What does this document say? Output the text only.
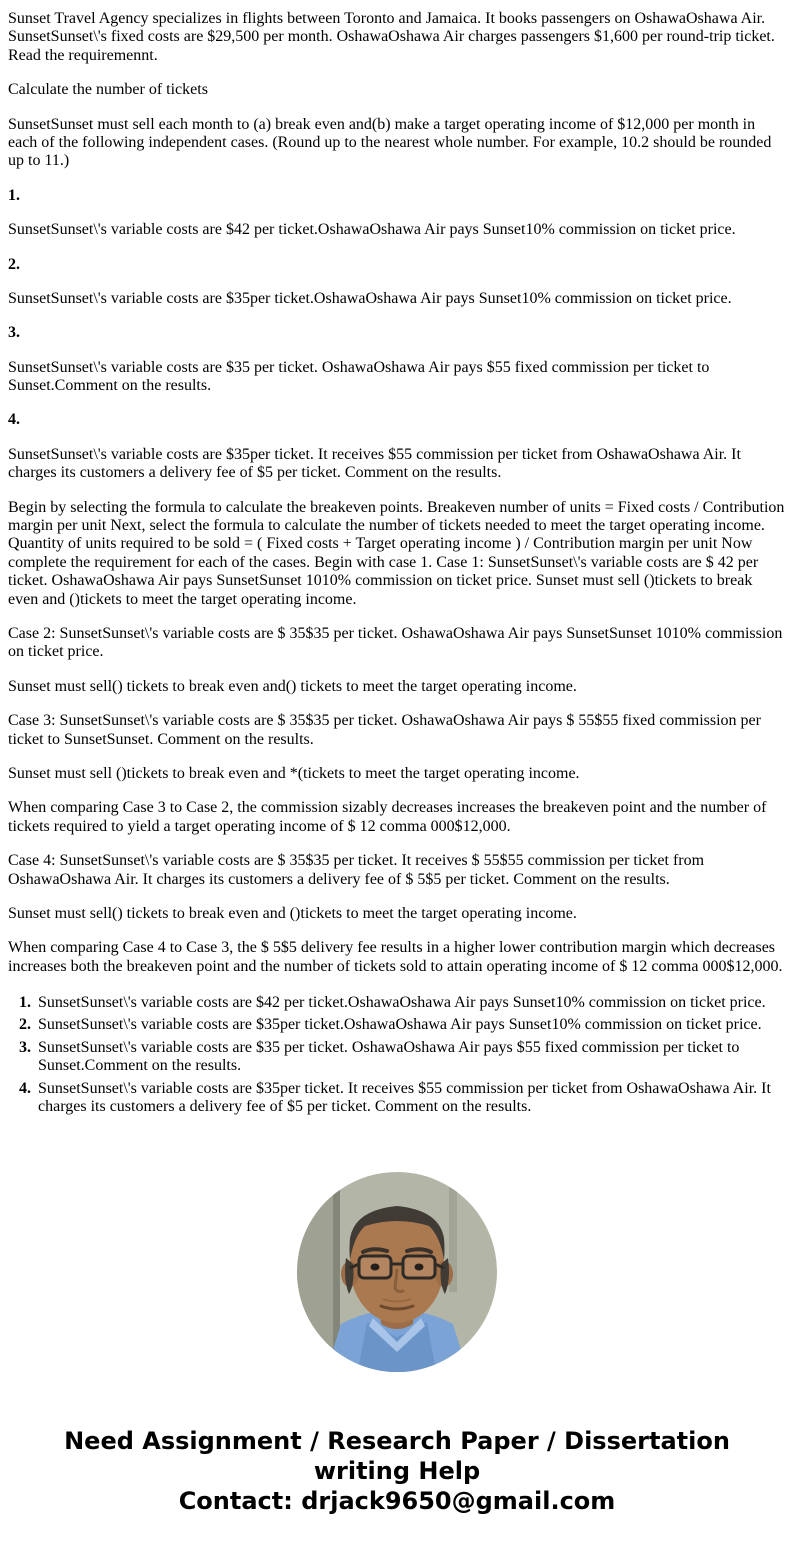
Sunset Travel Agency specializes in flights between Toronto and Jamaica. It books passengers on OshawaOshawa Air. SunsetSunset\'s fixed costs are $29,500 per month. OshawaOshawa Air charges passengers $1,600 per round-trip ticket. Read the requiremennt.

Calculate the number of tickets

SunsetSunset must sell each month to (a) break even and(b) make a target operating income of $12,000 per month in each of the following independent cases. (Round up to the nearest whole number. For example, 10.2 should be rounded up to 11.)

1.

SunsetSunset\'s variable costs are $42 per ticket.OshawaOshawa Air pays Sunset10% commission on ticket price.

2.

SunsetSunset\'s variable costs are $35per ticket.OshawaOshawa Air pays Sunset10% commission on ticket price.

3.

SunsetSunset\'s variable costs are $35 per ticket. OshawaOshawa Air pays $55 fixed commission per ticket to Sunset.Comment on the results.

4.

SunsetSunset\'s variable costs are $35per ticket. It receives $55 commission per ticket from OshawaOshawa Air. It charges its customers a delivery fee of $5 per ticket. Comment on the results.

Begin by selecting the formula to calculate the breakeven points. Breakeven number of units = Fixed costs / Contribution margin per unit Next, select the formula to calculate the number of tickets needed to meet the target operating income. Quantity of units required to be sold = ( Fixed costs + Target operating income ) / Contribution margin per unit Now complete the requirement for each of the cases. Begin with case 1. Case 1: SunsetSunset\'s variable costs are $ 42 per ticket. OshawaOshawa Air pays SunsetSunset 1010% commission on ticket price. Sunset must sell ()tickets to break even and ()tickets to meet the target operating income.

Case 2: SunsetSunset\'s variable costs are $ 35$35 per ticket. OshawaOshawa Air pays SunsetSunset 1010% commission on ticket price.

Sunset must sell() tickets to break even and() tickets to meet the target operating income.

Case 3: SunsetSunset\'s variable costs are $ 35$35 per ticket. OshawaOshawa Air pays $ 55$55 fixed commission per ticket to SunsetSunset. Comment on the results.

Sunset must sell ()tickets to break even and *(tickets to meet the target operating income.

When comparing Case 3 to Case 2, the commission sizably decreases increases the breakeven point and the number of tickets required to yield a target operating income of $ 12 comma 000$12,000.

Case 4: SunsetSunset\'s variable costs are $ 35$35 per ticket. It receives $ 55$55 commission per ticket from OshawaOshawa Air. It charges its customers a delivery fee of $ 5$5 per ticket. Comment on the results.

Sunset must sell() tickets to break even and ()tickets to meet the target operating income.

When comparing Case 4 to Case 3, the $ 5$5 delivery fee results in a higher lower contribution margin which decreases increases both the breakeven point and the number of tickets sold to attain operating income of $ 12 comma 000$12,000.

1. SunsetSunset\'s variable costs are $42 per ticket.OshawaOshawa Air pays Sunset10% commission on ticket price.
2. SunsetSunset\'s variable costs are $35per ticket.OshawaOshawa Air pays Sunset10% commission on ticket price.
3. SunsetSunset\'s variable costs are $35 per ticket. OshawaOshawa Air pays $55 fixed commission per ticket to Sunset.Comment on the results.
4. SunsetSunset\'s variable costs are $35per ticket. It receives $55 commission per ticket from OshawaOshawa Air. It charges its customers a delivery fee of $5 per ticket. Comment on the results.

Need Assignment / Research Paper / Dissertation writing Help

Contact: drjack9650@gmail.com
